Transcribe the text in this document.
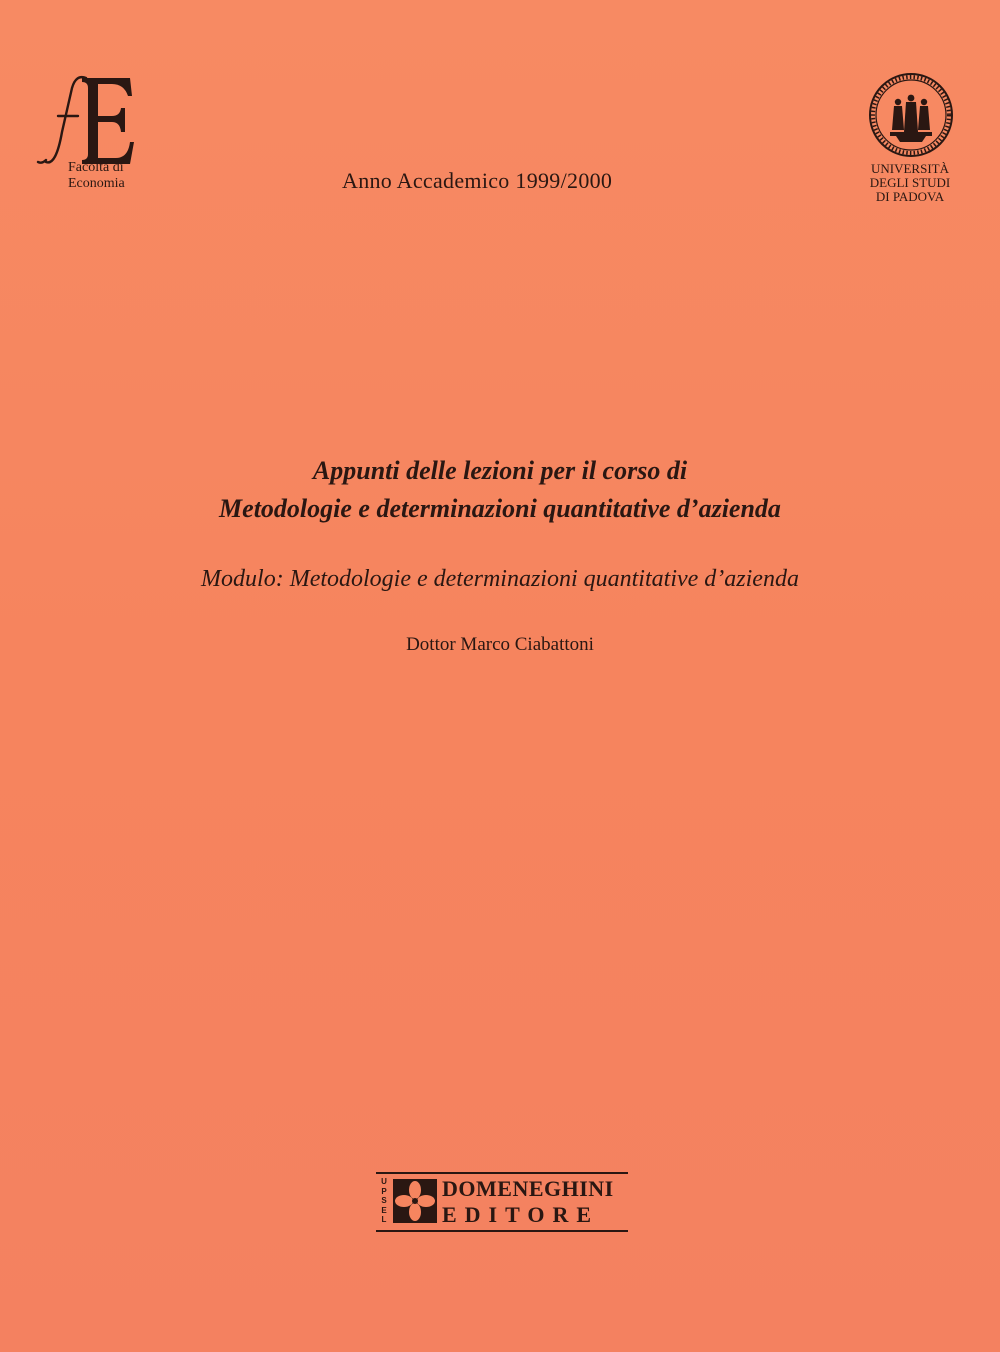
Facoltà di
Economia	Anno Accademico 1999/2000	UNIVERSITÀ
DEGLI STUDI
DI PADOVA
Appunti delle lezioni per il corso di
Metodologie e determinazioni quantitative d’azienda
Modulo: Metodologie e determinazioni quantitative d’azienda
Dottor Marco Ciabattoni
U
P
S
E
L
DOMENEGHINI
EDITORE
